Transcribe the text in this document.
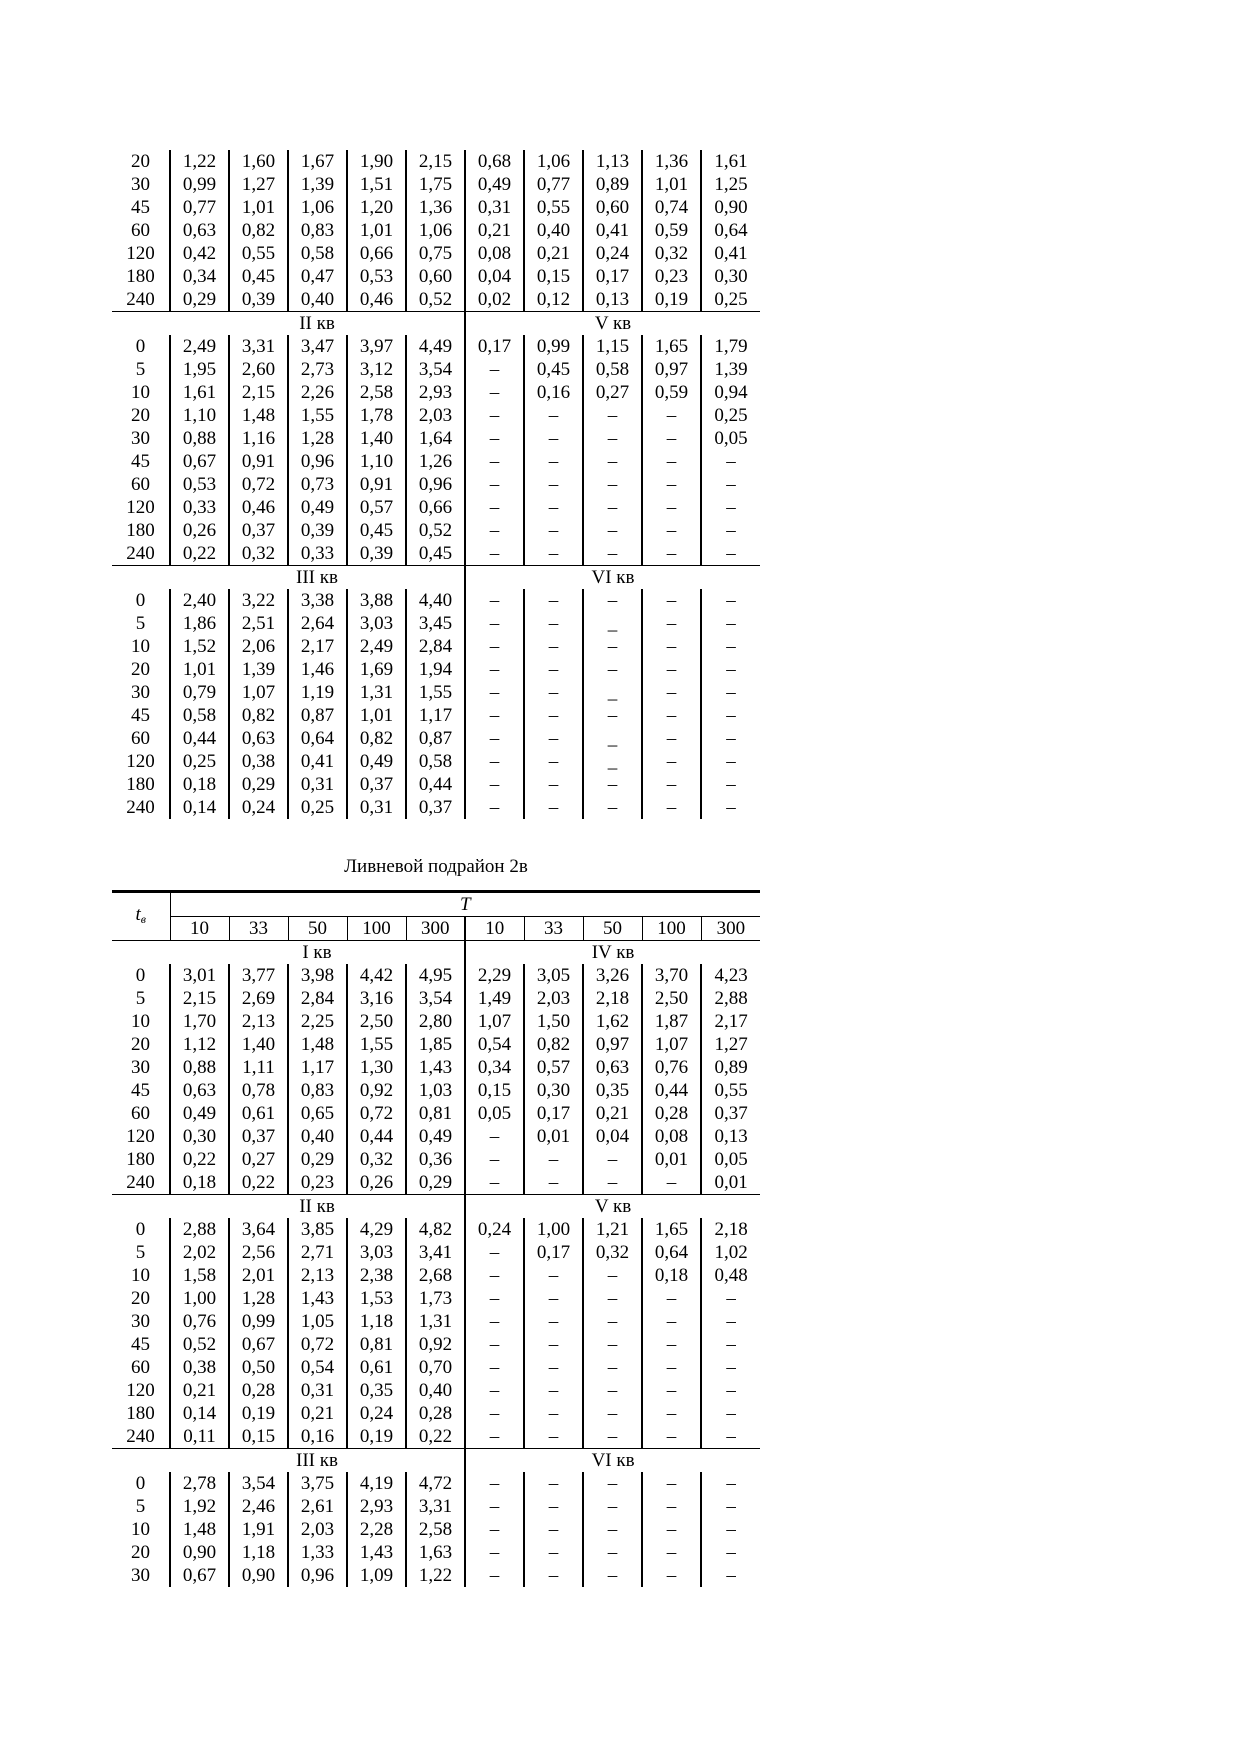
20	1,22	1,60	1,67	1,90	2,15	0,68	1,06	1,13	1,36	1,61
30	0,99	1,27	1,39	1,51	1,75	0,49	0,77	0,89	1,01	1,25
45	0,77	1,01	1,06	1,20	1,36	0,31	0,55	0,60	0,74	0,90
60	0,63	0,82	0,83	1,01	1,06	0,21	0,40	0,41	0,59	0,64
120	0,42	0,55	0,58	0,66	0,75	0,08	0,21	0,24	0,32	0,41
180	0,34	0,45	0,47	0,53	0,60	0,04	0,15	0,17	0,23	0,30
240	0,29	0,39	0,40	0,46	0,52	0,02	0,12	0,13	0,19	0,25
	II кв					V кв				
0	2,49	3,31	3,47	3,97	4,49	0,17	0,99	1,15	1,65	1,79
5	1,95	2,60	2,73	3,12	3,54	–	0,45	0,58	0,97	1,39
10	1,61	2,15	2,26	2,58	2,93	–	0,16	0,27	0,59	0,94
20	1,10	1,48	1,55	1,78	2,03	–	–	–	–	0,25
30	0,88	1,16	1,28	1,40	1,64	–	–	–	–	0,05
45	0,67	0,91	0,96	1,10	1,26	–	–	–	–	–
60	0,53	0,72	0,73	0,91	0,96	–	–	–	–	–
120	0,33	0,46	0,49	0,57	0,66	–	–	–	–	–
180	0,26	0,37	0,39	0,45	0,52	–	–	–	–	–
240	0,22	0,32	0,33	0,39	0,45	–	–	–	–	–
	III кв					VI кв				
0	2,40	3,22	3,38	3,88	4,40	–	–	–	–	–
5	1,86	2,51	2,64	3,03	3,45	–	–	_	–	–
10	1,52	2,06	2,17	2,49	2,84	–	–	–	–	–
20	1,01	1,39	1,46	1,69	1,94	–	–	–	–	–
30	0,79	1,07	1,19	1,31	1,55	–	–	_	–	–
45	0,58	0,82	0,87	1,01	1,17	–	–	–	–	–
60	0,44	0,63	0,64	0,82	0,87	–	–	_	–	–
120	0,25	0,38	0,41	0,49	0,58	–	–	_	–	–
180	0,18	0,29	0,31	0,37	0,44	–	–	–	–	–
240	0,14	0,24	0,25	0,31	0,37	–	–	–	–	–
Ливневой подрайон 2в
$t_в$	T									
	10	33	50	100	300	10	33	50	100	300
	I кв					IV кв				
0	3,01	3,77	3,98	4,42	4,95	2,29	3,05	3,26	3,70	4,23
5	2,15	2,69	2,84	3,16	3,54	1,49	2,03	2,18	2,50	2,88
10	1,70	2,13	2,25	2,50	2,80	1,07	1,50	1,62	1,87	2,17
20	1,12	1,40	1,48	1,55	1,85	0,54	0,82	0,97	1,07	1,27
30	0,88	1,11	1,17	1,30	1,43	0,34	0,57	0,63	0,76	0,89
45	0,63	0,78	0,83	0,92	1,03	0,15	0,30	0,35	0,44	0,55
60	0,49	0,61	0,65	0,72	0,81	0,05	0,17	0,21	0,28	0,37
120	0,30	0,37	0,40	0,44	0,49	–	0,01	0,04	0,08	0,13
180	0,22	0,27	0,29	0,32	0,36	–	–	–	0,01	0,05
240	0,18	0,22	0,23	0,26	0,29	–	–	–	–	0,01
	II кв					V кв				
0	2,88	3,64	3,85	4,29	4,82	0,24	1,00	1,21	1,65	2,18
5	2,02	2,56	2,71	3,03	3,41	–	0,17	0,32	0,64	1,02
10	1,58	2,01	2,13	2,38	2,68	–	–	–	0,18	0,48
20	1,00	1,28	1,43	1,53	1,73	–	–	–	–	–
30	0,76	0,99	1,05	1,18	1,31	–	–	–	–	–
45	0,52	0,67	0,72	0,81	0,92	–	–	–	–	–
60	0,38	0,50	0,54	0,61	0,70	–	–	–	–	–
120	0,21	0,28	0,31	0,35	0,40	–	–	–	–	–
180	0,14	0,19	0,21	0,24	0,28	–	–	–	–	–
240	0,11	0,15	0,16	0,19	0,22	–	–	–	–	–
	III кв					VI кв				
0	2,78	3,54	3,75	4,19	4,72	–	–	–	–	–
5	1,92	2,46	2,61	2,93	3,31	–	–	–	–	–
10	1,48	1,91	2,03	2,28	2,58	–	–	–	–	–
20	0,90	1,18	1,33	1,43	1,63	–	–	–	–	–
30	0,67	0,90	0,96	1,09	1,22	–	–	–	–	–
